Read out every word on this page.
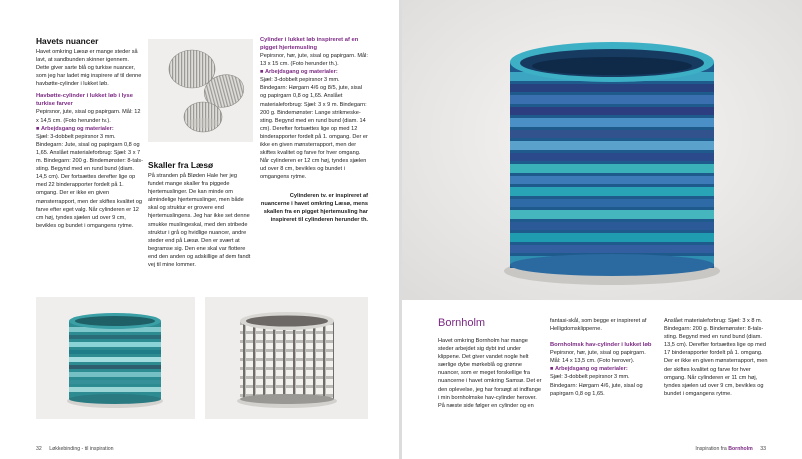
Havets nuancer

Havet omkring Læsø er mange steder så lavt, at sandbunden skinner igennem. Dette giver sarte blå og turkise nuancer, som jeg har ladet mig inspirere af til denne havbøtte-cylinder i lukket løb.

Havbøtte-cylinder i lukket løb i lyse turkise farver

Pepirsnor, jute, sisal og papirgarn. Mål: 12 x 14,5 cm. (Foto herunder tv.).

■ Arbejdsgang og materialer:

Sjæl: 3-dobbelt pepirsnor 3 mm. Bindegarn: Jute, sisal og papirgarn 0,8 og 1,65. Anslået materialeforbrug: Sjæl: 3 x 7 m. Bindegarn: 200 g. Bindemønster: 8-tals-sting. Begynd med en rund bund (diam. 14,5 cm). Der fortsættes derefter lige op med 22 binderapporter fordelt på 1. omgang. Der er ikke en given mønsterrapport, men der skiftes kvalitet og farve efter eget valg. Når cylinderen er 12 cm høj, tyndes sjælen ud over 9 cm, bevikles og bundet i omgangens rytme.

Skaller fra Læsø

På stranden på Bløden Hale her jeg fundet mange skaller fra piggede hjertemuslinger. De kan minde om almindelige hjertemuslinger, men både skal og struktur er grovere end hjertemuslingens. Jeg har ikke set denne smukke muslingeskal, med den stribede struktur i grå og hvidlige nuancer, andre steder end på Læsø. Den er svært at begramse sig. Den ene skal var flottere end den anden og adskillige af dem fandt vej til mine lommer.

Cylinder i lukket løb inspireret af en pigget hjertemusling

Pepirsnor, hør, jute, sisal og papirgarn. Mål: 13 x 15 cm. (Foto herunder th.).

■ Arbejdsgang og materialer:

Sjæl: 3-dobbelt pepirsnor 3 mm. Bindegarn: Hørgarn 4/6 og 8/5, jute, sisal og papirgarn 0,8 og 1,65. Anslået materialeforbrug: Sjæl: 3 x 9 m. Bindegarn: 200 g. Bindemønster: Lange strikmeske-sting. Begynd med en rund bund (diam. 14 cm). Derefter fortsættes lige op med 12 binderapporter fordelt på 1. omgang. Der er ikke en given mønsterrapport, men der skiftes kvalitet og farve for hver omgang. Når cylinderen er 12 cm høj, tyndes sjælen ud over 8 cm, bevikles og bundet i omgangens rytme.

Cylinderen tv. er inspireret af nuancerne i havet omkring Læsø, mens skallen fra en pigget hjertemusling har inspireret til cylinderen herunder th.

32 Løkkebinding - til inspiration
Bornholm

Havet omkring Bornholm har mange steder arbejdet sig dybt ind under klippene. Det giver vandet nogle helt særlige dybe mørkeblå og grønne nuancer, som er meget forskellige fra nuancerne i havet omkring Samsø. Det er den oplevelse, jeg har forsøgt at indfange i min bornholmske hav-cylinder herover. På næste side følger en cylinder og en

fantasi-skål, som begge er inspireret af Helligdomsklipperne.

Bornholmsk hav-cylinder i lukket løb

Pepirsnor, hør, jute, sisal og papirgarn. Mål: 14 x 13,5 cm. (Foto herover).

■ Arbejdsgang og materialer:

Sjæl: 3-dobbelt pepirsnor 3 mm. Bindegarn: Hørgarn 4/6, jute, sisal og papirgarn 0,8 og 1,65.

Anslået materialeforbrug: Sjæl: 3 x 8 m. Bindegarn: 200 g. Bindemønster: 8-tals-sting. Begynd med en rund bund (diam. 13,5 cm). Derefter fortsættes lige op med 17 binderapporter fordelt på 1. omgang. Der er ikke en given mønsterrapport, men der skiftes kvalitet og farve for hver omgang. Når cylinderen er 11 cm høj, tyndes sjælen ud over 9 cm, bevikles og bundet i omgangens rytme.

Inspiration fra Bornholm 33
